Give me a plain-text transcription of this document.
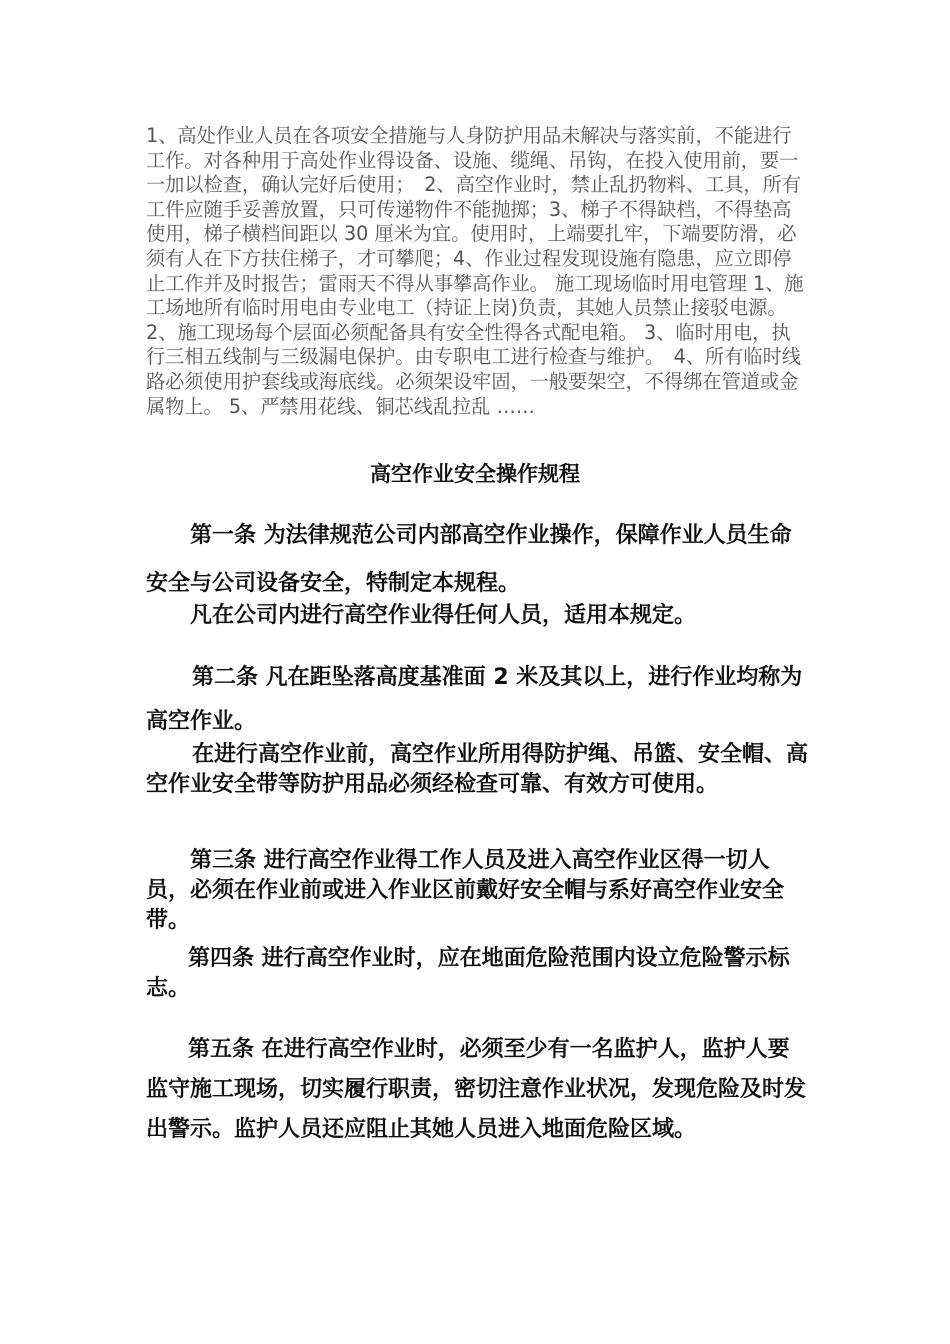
1、高处作业人员在各项安全措施与人身防护用品未解决与落实前，不能进行工作。对各种用于高处作业得设备、设施、缆绳、吊钩，在投入使用前，要一一加以检查，确认完好后使用；　2、高空作业时，禁止乱扔物料、工具，所有工件应随手妥善放置，只可传递物件不能抛掷；3、梯子不得缺档，不得垫高使用，梯子横档间距以 30 厘米为宜。使用时，上端要扎牢，下端要防滑，必须有人在下方扶住梯子，才可攀爬；4、作业过程发现设施有隐患，应立即停止工作并及时报告；雷雨天不得从事攀高作业。 施工现场临时用电管理 1、施工场地所有临时用电由专业电工（持证上岗)负责，其她人员禁止接驳电源。 2、施工现场每个层面必须配备具有安全性得各式配电箱。 3、临时用电，执行三相五线制与三级漏电保护。由专职电工进行检查与维护。　4、所有临时线路必须使用护套线或海底线。必须架设牢固，一般要架空，不得绑在管道或金属物上。 5、严禁用花线、铜芯线乱拉乱 ……

高空作业安全操作规程

第一条 为法律规范公司内部高空作业操作，保障作业人员生命安全与公司设备安全，特制定本规程。

凡在公司内进行高空作业得任何人员，适用本规定。

第二条 凡在距坠落高度基准面 2 米及其以上，进行作业均称为高空作业。

在进行高空作业前，高空作业所用得防护绳、吊篮、安全帽、高空作业安全带等防护用品必须经检查可靠、有效方可使用。

第三条 进行高空作业得工作人员及进入高空作业区得一切人员，必须在作业前或进入作业区前戴好安全帽与系好高空作业安全带。

第四条 进行高空作业时，应在地面危险范围内设立危险警示标志。

第五条 在进行高空作业时，必须至少有一名监护人，监护人要监守施工现场，切实履行职责，密切注意作业状况，发现危险及时发出警示。监护人员还应阻止其她人员进入地面危险区域。
